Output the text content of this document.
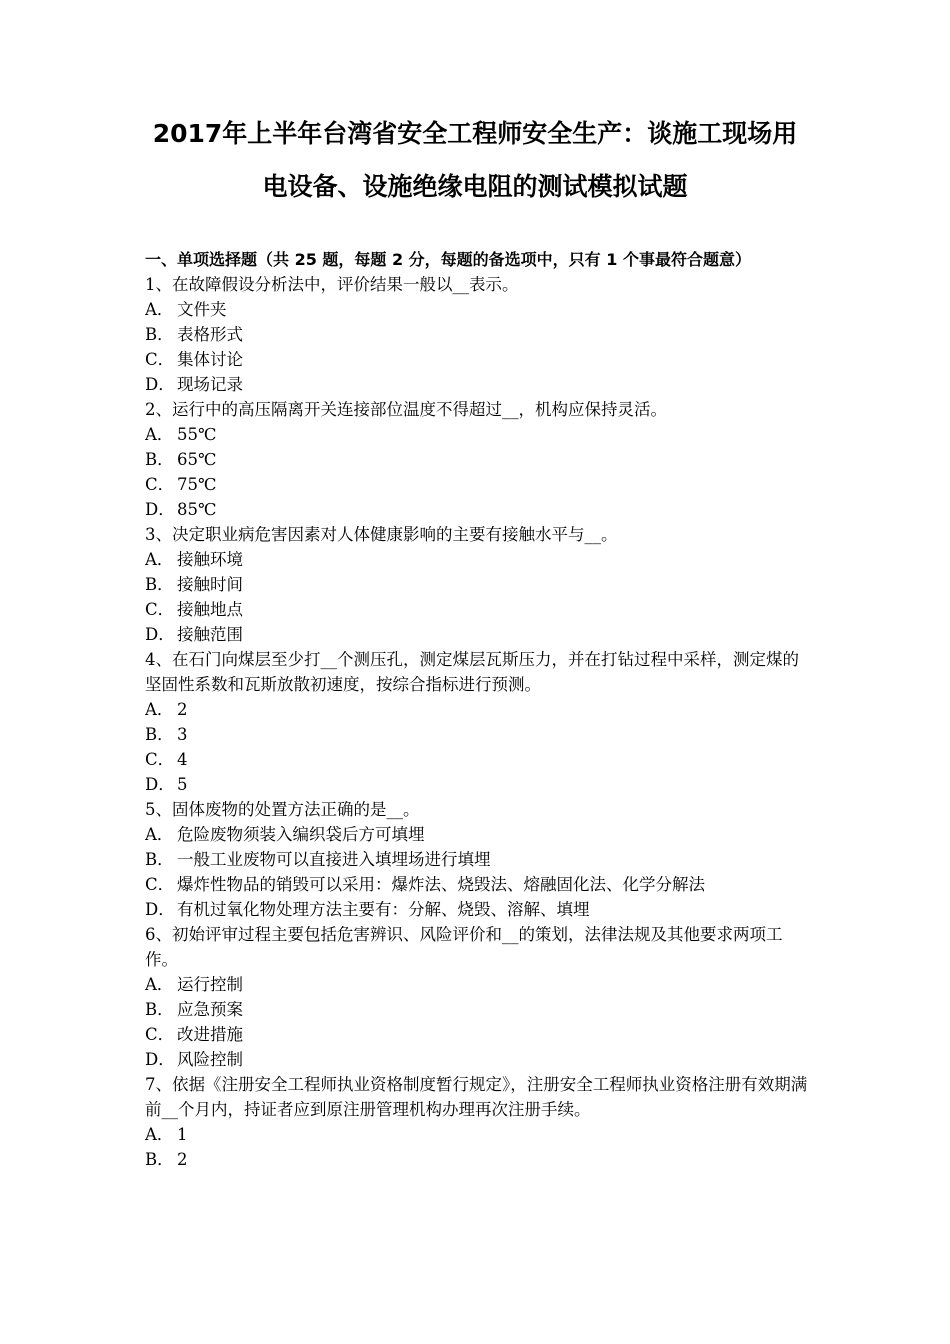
2017年上半年台湾省安全工程师安全生产：谈施工现场用
电设备、设施绝缘电阻的测试模拟试题
一、单项选择题（共 25 题，每题 2 分，每题的备选项中，只有 1 个事最符合题意）
1、在故障假设分析法中，评价结果一般以__表示。
A． 文件夹
B． 表格形式
C． 集体讨论
D． 现场记录
2、运行中的高压隔离开关连接部位温度不得超过__，机构应保持灵活。
A． 55℃
B． 65℃
C． 75℃
D． 85℃
3、决定职业病危害因素对人体健康影响的主要有接触水平与__。
A． 接触环境
B． 接触时间
C． 接触地点
D． 接触范围
4、在石门向煤层至少打__个测压孔，测定煤层瓦斯压力，并在打钻过程中采样，测定煤的坚固性系数和瓦斯放散初速度，按综合指标进行预测。
A． 2
B． 3
C． 4
D． 5
5、固体废物的处置方法正确的是__。
A． 危险废物须装入编织袋后方可填埋
B． 一般工业废物可以直接进入填埋场进行填埋
C． 爆炸性物品的销毁可以采用：爆炸法、烧毁法、熔融固化法、化学分解法
D． 有机过氧化物处理方法主要有：分解、烧毁、溶解、填埋
6、初始评审过程主要包括危害辨识、风险评价和__的策划，法律法规及其他要求两项工作。
A． 运行控制
B． 应急预案
C． 改进措施
D． 风险控制
7、依据《注册安全工程师执业资格制度暂行规定》，注册安全工程师执业资格注册有效期满前__个月内，持证者应到原注册管理机构办理再次注册手续。
A． 1
B． 2
